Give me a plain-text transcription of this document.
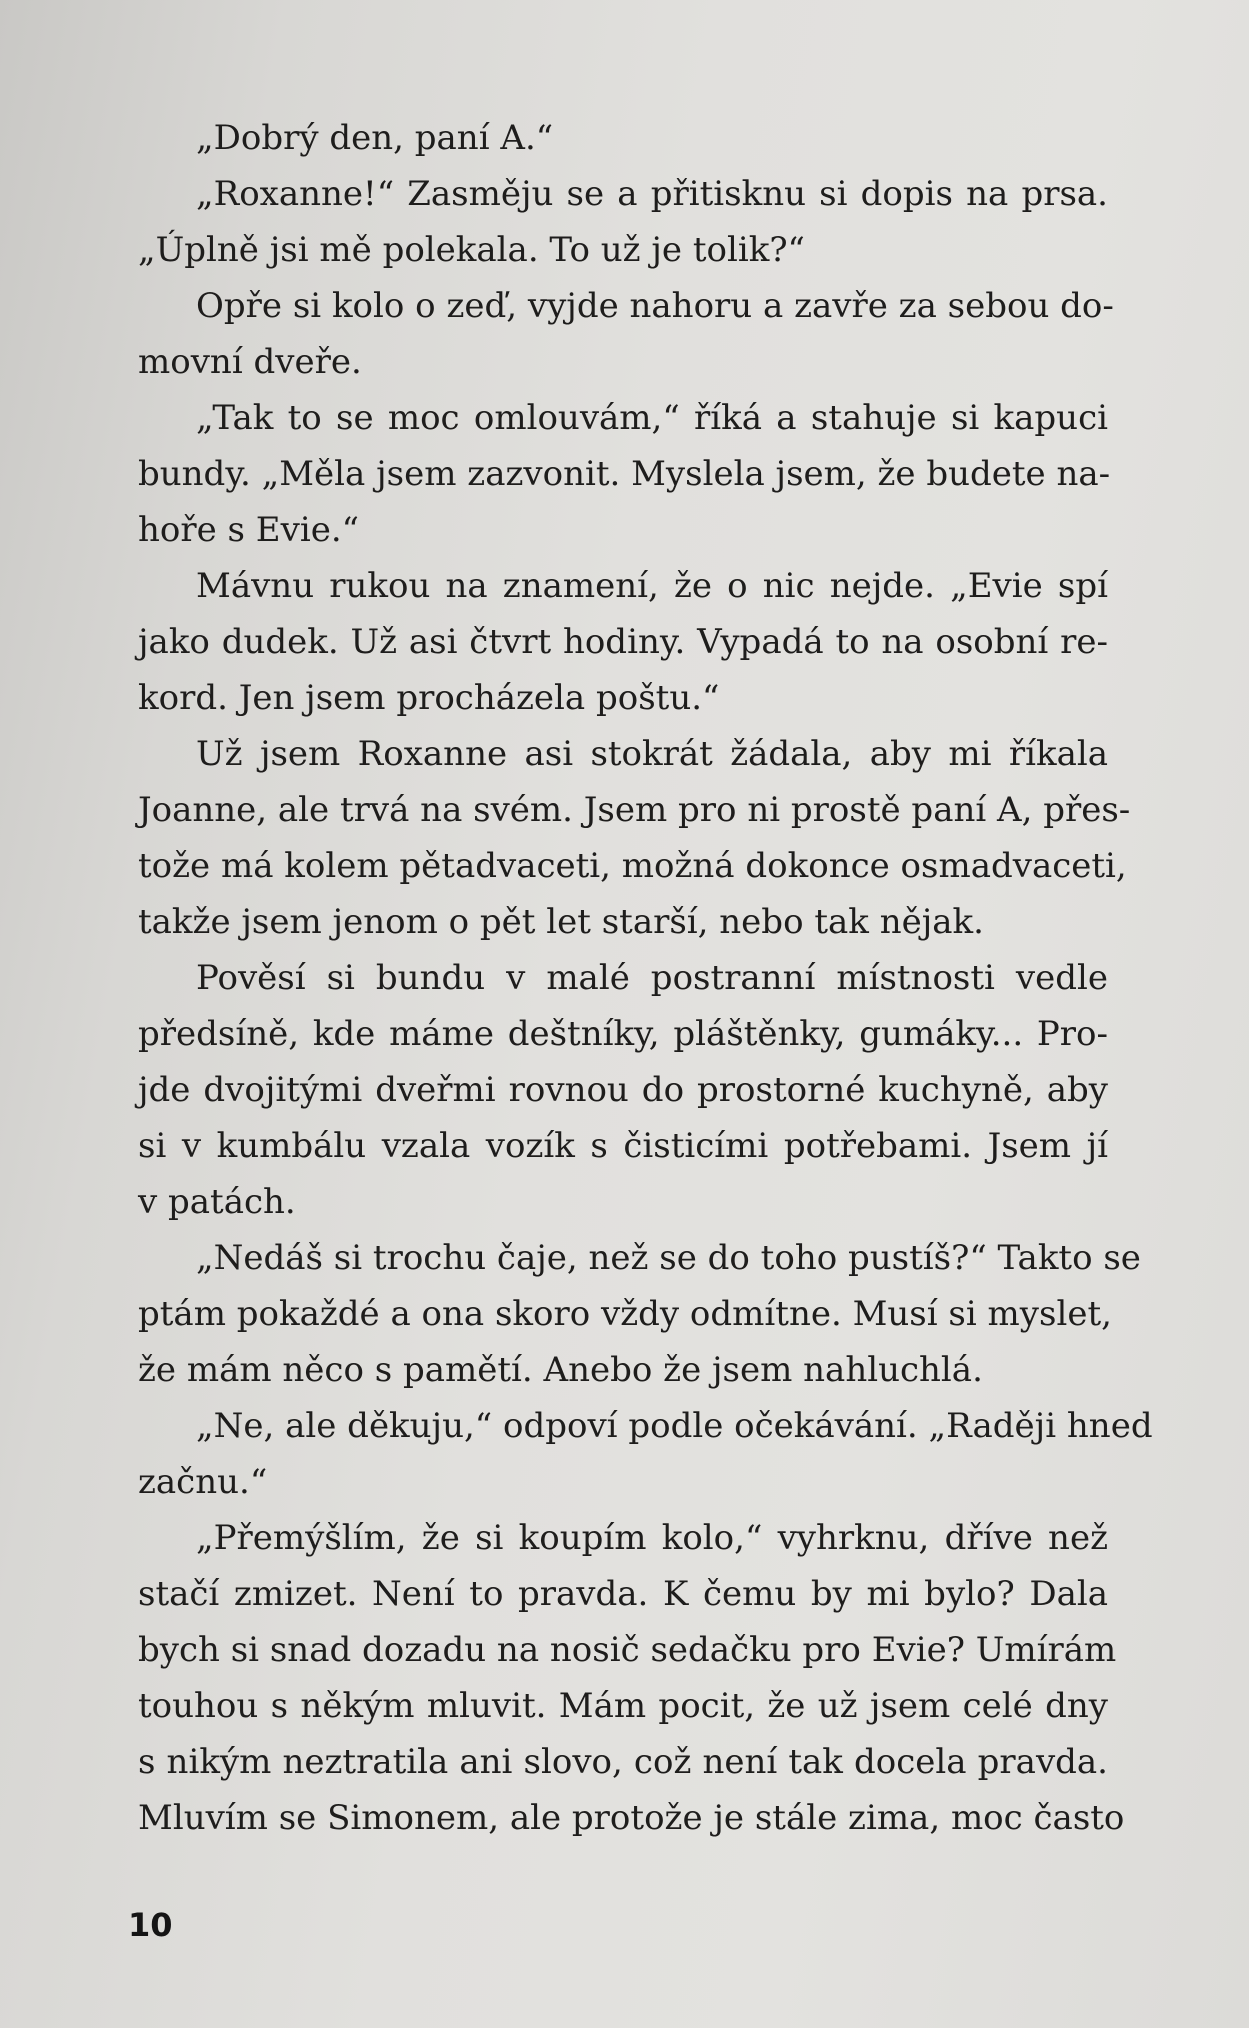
„Dobrý den, paní A.“
„Roxanne!“ Zasměju se a přitisknu si dopis na prsa.
„Úplně jsi mě polekala. To už je tolik?“
Opře si kolo o zeď, vyjde nahoru a zavře za sebou do-
movní dveře.
„Tak to se moc omlouvám,“ říká a stahuje si kapuci
bundy. „Měla jsem zazvonit. Myslela jsem, že budete na-
hoře s Evie.“
Mávnu rukou na znamení, že o nic nejde. „Evie spí
jako dudek. Už asi čtvrt hodiny. Vypadá to na osobní re-
kord. Jen jsem procházela poštu.“
Už jsem Roxanne asi stokrát žádala, aby mi říkala
Joanne, ale trvá na svém. Jsem pro ni prostě paní A, přes-
tože má kolem pětadvaceti, možná dokonce osmadvaceti,
takže jsem jenom o pět let starší, nebo tak nějak.
Pověsí si bundu v malé postranní místnosti vedle
předsíně, kde máme deštníky, pláštěnky, gumáky... Pro-
jde dvojitými dveřmi rovnou do prostorné kuchyně, aby
si v kumbálu vzala vozík s čisticími potřebami. Jsem jí
v patách.
„Nedáš si trochu čaje, než se do toho pustíš?“ Takto se
ptám pokaždé a ona skoro vždy odmítne. Musí si myslet,
že mám něco s pamětí. Anebo že jsem nahluchlá.
„Ne, ale děkuju,“ odpoví podle očekávání. „Raději hned
začnu.“
„Přemýšlím, že si koupím kolo,“ vyhrknu, dříve než
stačí zmizet. Není to pravda. K čemu by mi bylo? Dala
bych si snad dozadu na nosič sedačku pro Evie? Umírám
touhou s někým mluvit. Mám pocit, že už jsem celé dny
s nikým neztratila ani slovo, což není tak docela pravda.
Mluvím se Simonem, ale protože je stále zima, moc často
10
